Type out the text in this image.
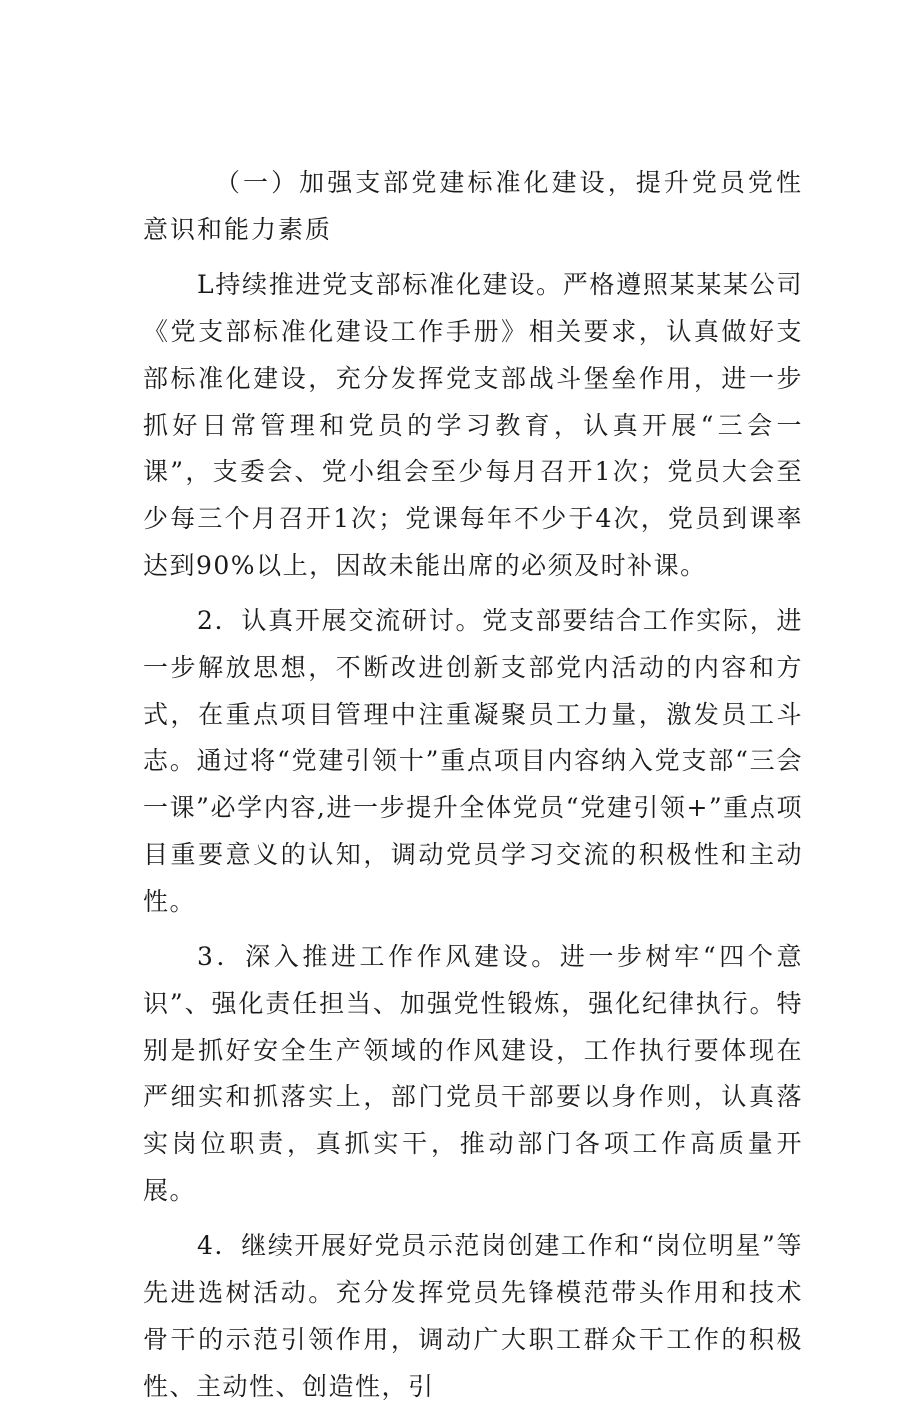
（一）加强支部党建标准化建设，提升党员党性意识和能力素质

L持续推进党支部标准化建设。严格遵照某某某公司《党支部标准化建设工作手册》相关要求，认真做好支部标准化建设，充分发挥党支部战斗堡垒作用，进一步抓好日常管理和党员的学习教育，认真开展“三会一课”，支委会、党小组会至少每月召开1次；党员大会至少每三个月召开1次；党课每年不少于4次，党员到课率达到90%以上，因故未能出席的必须及时补课。

2．认真开展交流研讨。党支部要结合工作实际，进一步解放思想，不断改进创新支部党内活动的内容和方式，在重点项目管理中注重凝聚员工力量，激发员工斗志。通过将“党建引领十”重点项目内容纳入党支部“三会一课”必学内容,进一步提升全体党员“党建引领+”重点项目重要意义的认知，调动党员学习交流的积极性和主动性。

3．深入推进工作作风建设。进一步树牢“四个意识”、强化责任担当、加强党性锻炼，强化纪律执行。特别是抓好安全生产领域的作风建设，工作执行要体现在严细实和抓落实上，部门党员干部要以身作则，认真落实岗位职责，真抓实干，推动部门各项工作高质量开展。

4．继续开展好党员示范岗创建工作和“岗位明星”等先进选树活动。充分发挥党员先锋模范带头作用和技术骨干的示范引领作用，调动广大职工群众干工作的积极性、主动性、创造性，引
